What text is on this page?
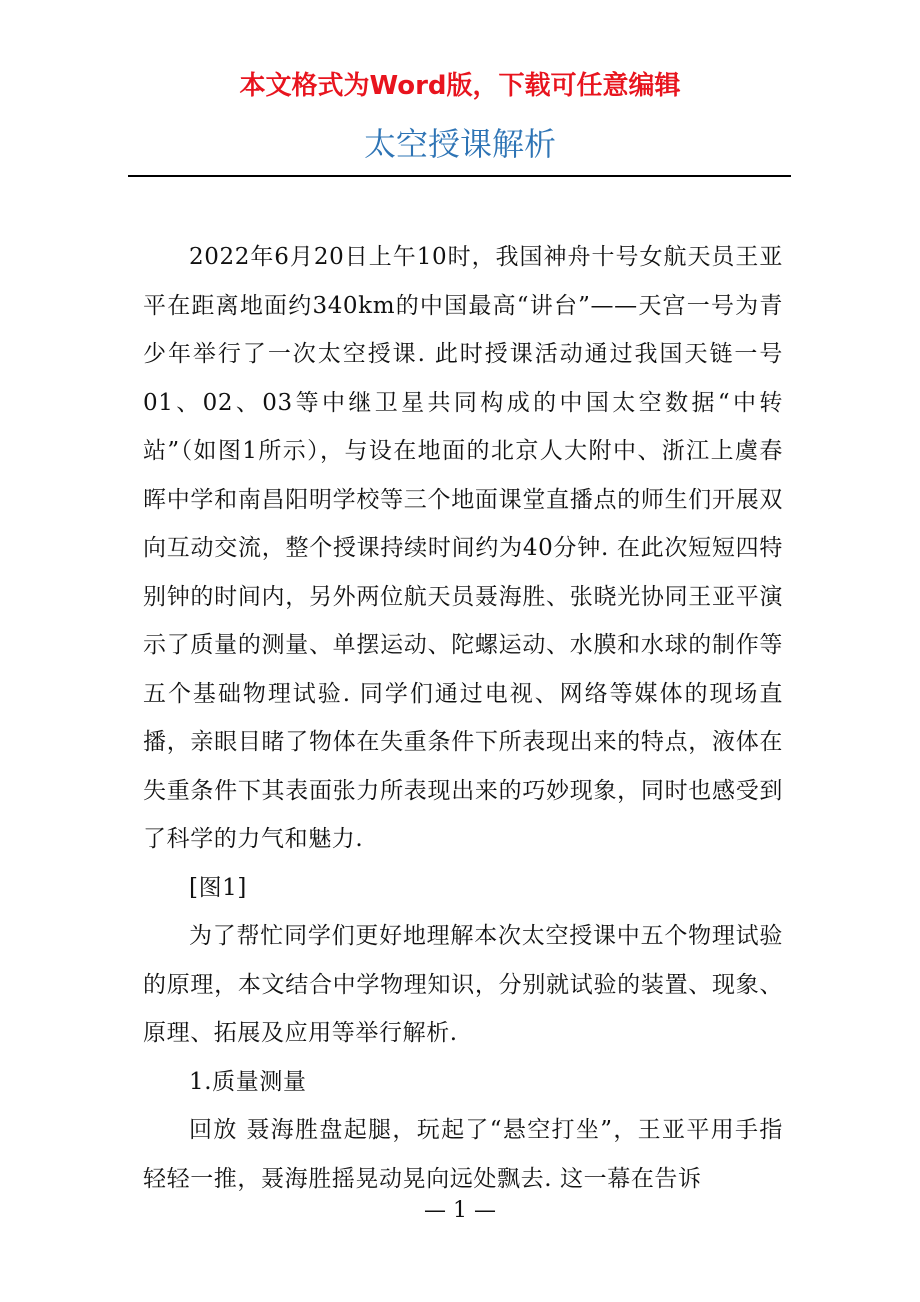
本文格式为Word版，下载可任意编辑
太空授课解析

2022年6月20日上午10时，我国神舟十号女航天员王亚平在距离地面约340km的中国最高“讲台”——天宫一号为青少年举行了一次太空授课. 此时授课活动通过我国天链一号01、02、03等中继卫星共同构成的中国太空数据“中转站”（如图1所示），与设在地面的北京人大附中、浙江上虞春晖中学和南昌阳明学校等三个地面课堂直播点的师生们开展双向互动交流，整个授课持续时间约为40分钟. 在此次短短四特别钟的时间内，另外两位航天员聂海胜、张晓光协同王亚平演示了质量的测量、单摆运动、陀螺运动、水膜和水球的制作等五个基础物理试验. 同学们通过电视、网络等媒体的现场直播，亲眼目睹了物体在失重条件下所表现出来的特点，液体在失重条件下其表面张力所表现出来的巧妙现象，同时也感受到了科学的力气和魅力.

[图1]

为了帮忙同学们更好地理解本次太空授课中五个物理试验的原理，本文结合中学物理知识，分别就试验的装置、现象、原理、拓展及应用等举行解析.

1.质量测量

回放 聂海胜盘起腿，玩起了“悬空打坐”，王亚平用手指轻轻一推，聂海胜摇晃动晃向远处飘去. 这一幕在告诉

— 1 —
